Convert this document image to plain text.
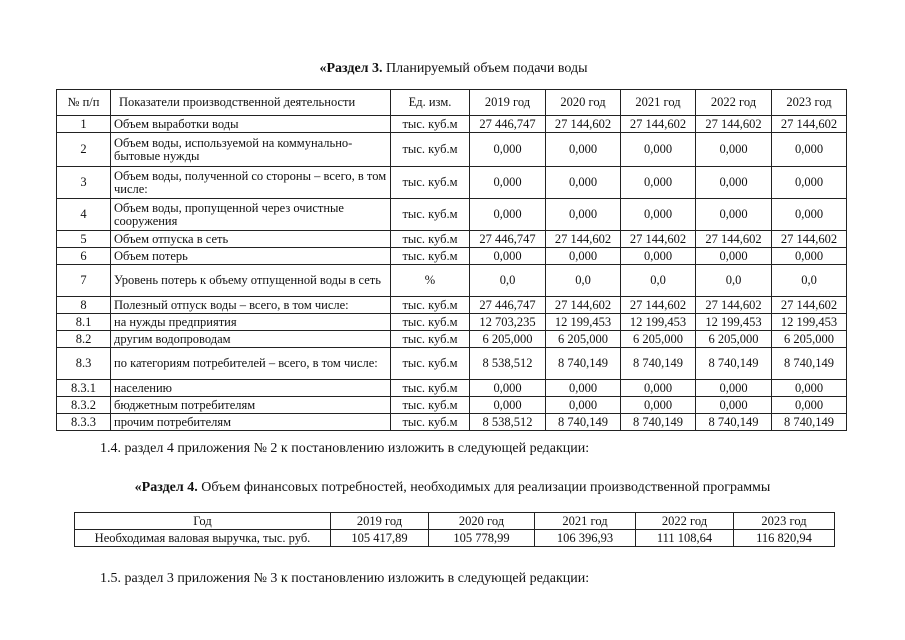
«Раздел 3. Планируемый объем подачи воды
№ п/п	Показатели производственной деятельности	Ед. изм.	2019 год	2020 год	2021 год	2022 год	2023 год
1	Объем выработки воды	тыс. куб.м	27 446,747	27 144,602	27 144,602	27 144,602	27 144,602
2	Объем воды, используемой на коммунально-бытовые нужды	тыс. куб.м	0,000	0,000	0,000	0,000	0,000
3	Объем воды, полученной со стороны – всего, в том числе:	тыс. куб.м	0,000	0,000	0,000	0,000	0,000
4	Объем воды, пропущенной через очистные сооружения	тыс. куб.м	0,000	0,000	0,000	0,000	0,000
5	Объем отпуска в сеть	тыс. куб.м	27 446,747	27 144,602	27 144,602	27 144,602	27 144,602
6	Объем потерь	тыс. куб.м	0,000	0,000	0,000	0,000	0,000
7	Уровень потерь к объему отпущенной воды в сеть	%	0,0	0,0	0,0	0,0	0,0
8	Полезный отпуск воды – всего, в том числе:	тыс. куб.м	27 446,747	27 144,602	27 144,602	27 144,602	27 144,602
8.1	на нужды предприятия	тыс. куб.м	12 703,235	12 199,453	12 199,453	12 199,453	12 199,453
8.2	другим водопроводам	тыс. куб.м	6 205,000	6 205,000	6 205,000	6 205,000	6 205,000
8.3	по категориям потребителей – всего, в том числе:	тыс. куб.м	8 538,512	8 740,149	8 740,149	8 740,149	8 740,149
8.3.1	населению	тыс. куб.м	0,000	0,000	0,000	0,000	0,000
8.3.2	бюджетным потребителям	тыс. куб.м	0,000	0,000	0,000	0,000	0,000
8.3.3	прочим потребителям	тыс. куб.м	8 538,512	8 740,149	8 740,149	8 740,149	8 740,149
1.4. раздел 4 приложения № 2 к постановлению изложить в следующей редакции:
«Раздел 4. Объем финансовых потребностей, необходимых для реализации производственной программы
Год	2019 год	2020 год	2021 год	2022 год	2023 год
Необходимая валовая выручка, тыс. руб.	105 417,89	105 778,99	106 396,93	111 108,64	116 820,94
1.5. раздел 3 приложения № 3 к постановлению изложить в следующей редакции:
